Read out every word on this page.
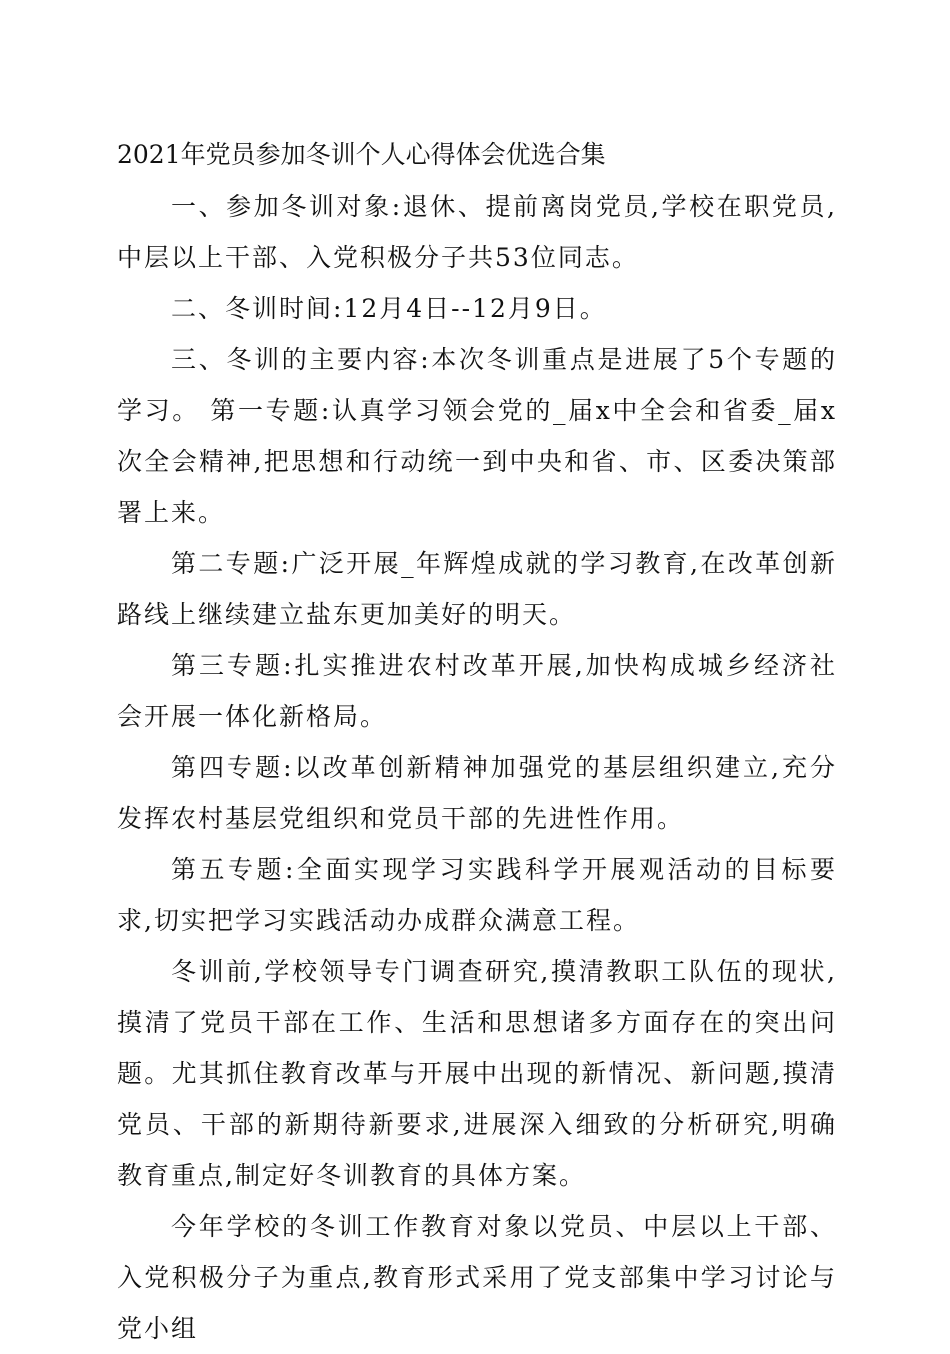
2021年党员参加冬训个人心得体会优选合集

一、参加冬训对象:退休、提前离岗党员,学校在职党员,中层以上干部、入党积极分子共53位同志。

二、冬训时间:12月4日--12月9日。

三、冬训的主要内容:本次冬训重点是进展了5个专题的学习。 第一专题:认真学习领会党的_届x中全会和省委_届x次全会精神,把思想和行动统一到中央和省、市、区委决策部署上来。

第二专题:广泛开展_年辉煌成就的学习教育,在改革创新路线上继续建立盐东更加美好的明天。

第三专题:扎实推进农村改革开展,加快构成城乡经济社会开展一体化新格局。

第四专题:以改革创新精神加强党的基层组织建立,充分发挥农村基层党组织和党员干部的先进性作用。

第五专题:全面实现学习实践科学开展观活动的目标要求,切实把学习实践活动办成群众满意工程。

冬训前,学校领导专门调查研究,摸清教职工队伍的现状,摸清了党员干部在工作、生活和思想诸多方面存在的突出问题。尤其抓住教育改革与开展中出现的新情况、新问题,摸清党员、干部的新期待新要求,进展深入细致的分析研究,明确教育重点,制定好冬训教育的具体方案。

今年学校的冬训工作教育对象以党员、中层以上干部、入党积极分子为重点,教育形式采用了党支部集中学习讨论与党小组
